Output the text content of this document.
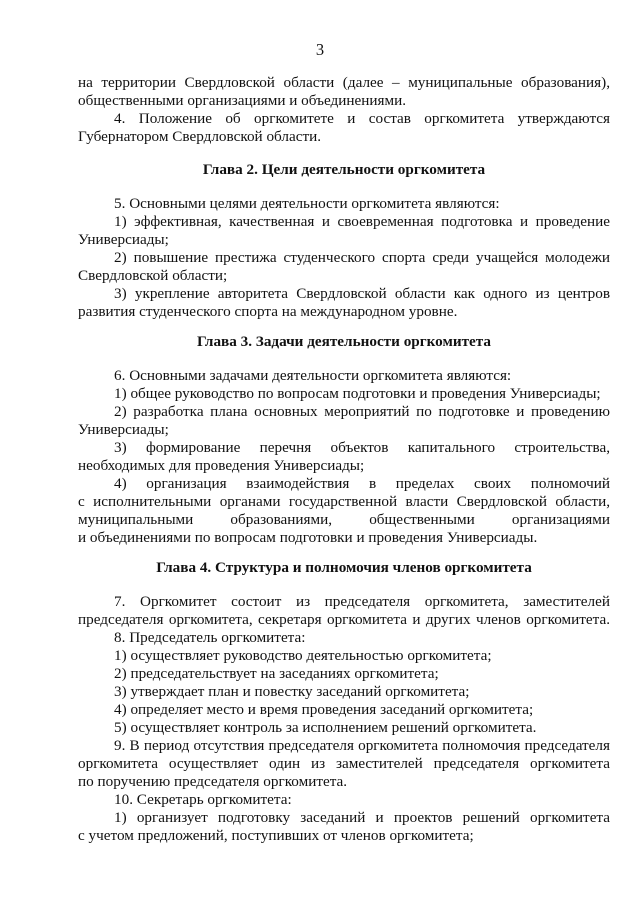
3
на территории Свердловской области (далее – муниципальные образования),
общественными организациями и объединениями.
4. Положение об оргкомитете и состав оргкомитета утверждаются
Губернатором Свердловской области.
Глава 2. Цели деятельности оргкомитета
5. Основными целями деятельности оргкомитета являются:
1) эффективная, качественная и своевременная подготовка и проведение
Универсиады;
2) повышение престижа студенческого спорта среди учащейся молодежи
Свердловской области;
3) укрепление авторитета Свердловской области как одного из центров
развития студенческого спорта на международном уровне.
Глава 3. Задачи деятельности оргкомитета
6. Основными задачами деятельности оргкомитета являются:
1) общее руководство по вопросам подготовки и проведения Универсиады;
2) разработка плана основных мероприятий по подготовке и проведению
Универсиады;
3) формирование перечня объектов капитального строительства,
необходимых для проведения Универсиады;
4) организация взаимодействия в пределах своих полномочий
с исполнительными органами государственной власти Свердловской области,
муниципальными образованиями, общественными организациями
и объединениями по вопросам подготовки и проведения Универсиады.
Глава 4. Структура и полномочия членов оргкомитета
7. Оргкомитет состоит из председателя оргкомитета, заместителей
председателя оргкомитета, секретаря оргкомитета и других членов оргкомитета.
8. Председатель оргкомитета:
1) осуществляет руководство деятельностью оргкомитета;
2) председательствует на заседаниях оргкомитета;
3) утверждает план и повестку заседаний оргкомитета;
4) определяет место и время проведения заседаний оргкомитета;
5) осуществляет контроль за исполнением решений оргкомитета.
9. В период отсутствия председателя оргкомитета полномочия председателя
оргкомитета осуществляет один из заместителей председателя оргкомитета
по поручению председателя оргкомитета.
10. Секретарь оргкомитета:
1) организует подготовку заседаний и проектов решений оргкомитета
с учетом предложений, поступивших от членов оргкомитета;
